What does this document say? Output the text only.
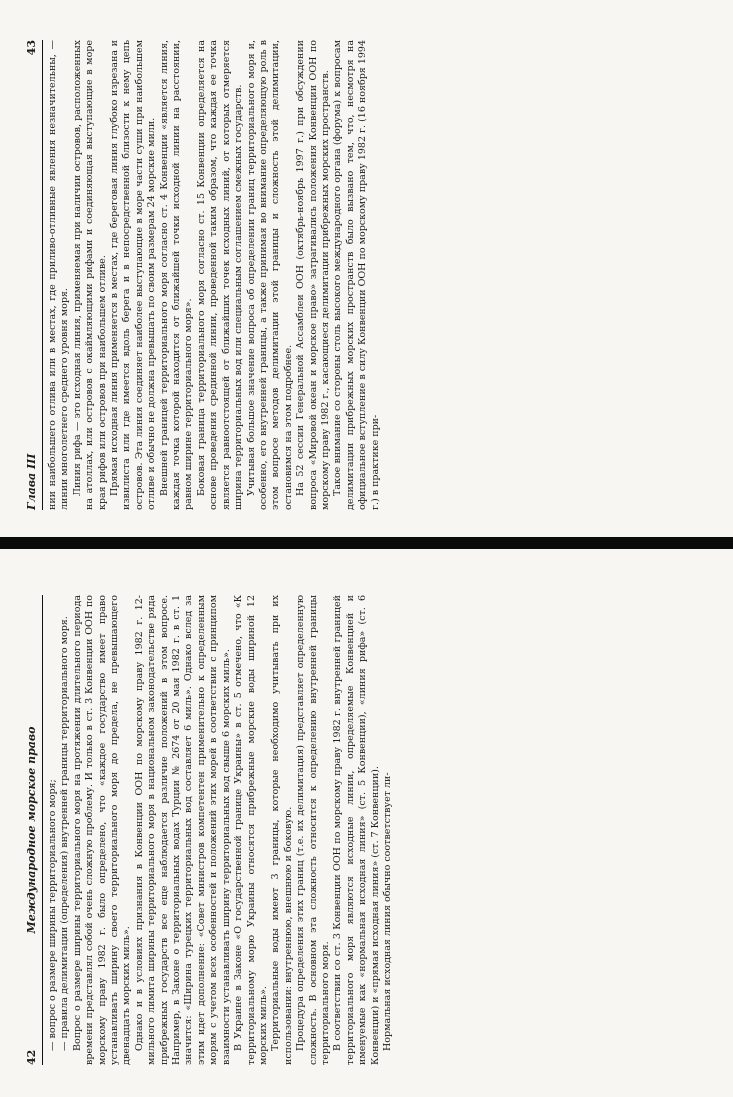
42
Международное морское право — вопрос о размере ширины территориального моря; — правила делимитации (определения) внутренней границы территориального моря. Вопрос о размере ширины территориального моря на протяжении длительного периода времени представлял собой очень сложную проблему. И только в ст. 3 Конвенции ООН по морскому праву 1982 г. было определено, что «каждое государство имеет право устанавливать ширину своего территориального моря до предела, не превышающего двенадцать морских миль». Однако и в условиях признания в Конвенции ООН по морскому праву 1982 г. 12-мильного лимита ширины территориального моря в национальном законодательстве ряда прибрежных государств все еще наблюдается различие положений в этом вопросе. Например, в Законе о территориальных водах Турции № 2674 от 20 мая 1982 г. в ст. 1 значится: «Ширина турецких территориальных вод составляет 6 миль». Однако вслед за этим идет дополнение: «Совет министров компетентен применительно к определенным морям с учетом всех особенностей и положений этих морей в соответствии с принципом взаимности устанавливать ширину территориальных вод свыше 6 морских миль». В Украине в Законе «О государственной границе Украины» в ст. 5 отмечено, что «К территориальному морю Украины относятся прибрежные морские воды шириной 12 морских миль». Территориальные воды имеют 3 границы, которые необходимо учитывать при их использовании: внутреннюю, внешнюю и боковую. Процедура определения этих границ (т.е. их делимитация) представляет определенную сложность. В основном эта сложность относится к определению внутренней границы территориального моря. В соответствии со ст. 3 Конвенции ООН по морскому праву 1982 г. внутренней границей территориального моря являются исходные линии, определяемые Конвенцией и именуемые как «нормальная исходная линия» (ст. 5 Конвенции), «линия рифа» (ст. 6 Конвенции) и «прямая исходная линия» (ст. 7 Конвенции). Нормальная исходная линия обычно соответствует ли-

Глава III
43 нии наибольшего отлива или в местах, где приливо-отливные явления незначительны, — линии многолетнего среднего уровня моря. Линия рифа — это исходная линия, применяемая при наличии островов, расположенных на атоллах, или островов с окаймляющими рифами и соединяющая выступающие в море края рифов или островов при наибольшем отливе. Прямая исходная линия применяется в местах, где береговая линия глубоко изрезана и извилиста или где имеется вдоль берега и в непосредственной близости к нему цепь островов. Эта линия соединяет наиболее выступающие в море части суши при наибольшем отливе и обычно не должна превышать по своим размерам 24 морские мили. Внешней границей территориального моря согласно ст. 4 Конвенции «является линия, каждая точка которой находится от ближайшей точки исходной линии на расстоянии, равном ширине территориального моря». Боковая граница территориального моря согласно ст. 15 Конвенции определяется на основе проведения срединной линии, проведенной таким образом, что каждая ее точка является равноотстоящей от ближайших точек исходных линий, от которых отмеряется ширина территориальных вод или специальным соглашением смежных государств. Учитывая большое значение вопроса об определении границ территориального моря и, особенно, его внутренней границы, а также принимая во внимание определяющую роль в этом вопросе методов делимитации этой границы и сложность этой делимитации, остановимся на этом подробнее. На 52 сессии Генеральной Ассамблеи ООН (октябрь-ноябрь 1997 г.) при обсуждении вопроса «Мировой океан и морское право» затрагивались положения Конвенции ООН по морскому праву 1982 г., касающиеся делимитации прибрежных морских пространств. Такое внимание со стороны столь высокого международного органа (форума) к вопросам делимитации прибрежных морских пространств было вызвано тем, что, несмотря на официальное вступление в силу Конвенции ООН по морскому праву 1982 г. (16 ноября 1994 г.) в практике при-
